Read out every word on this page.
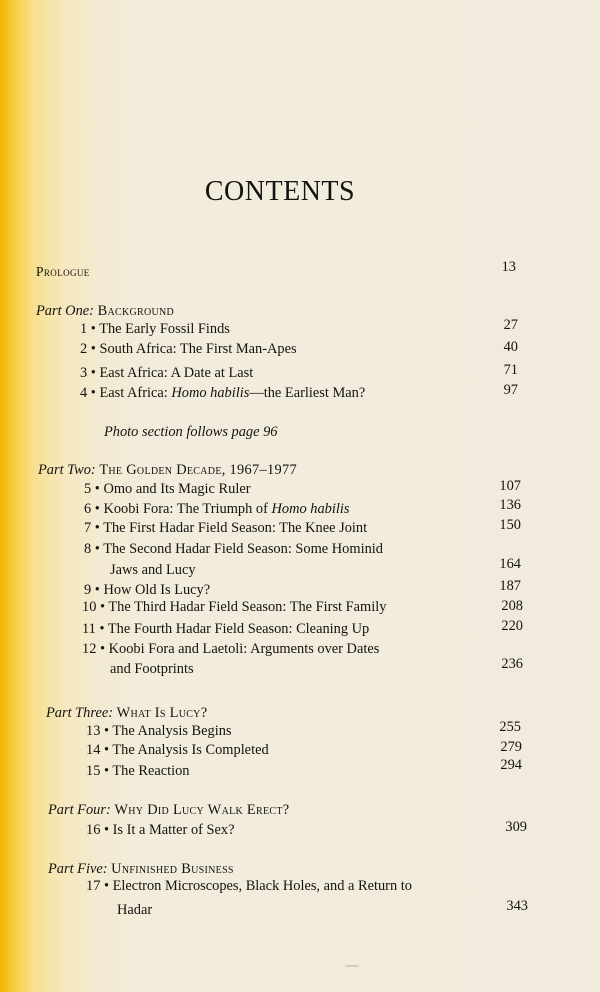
CONTENTS
Prologue	13
Part One: Background
1 • The Early Fossil Finds	27
2 • South Africa: The First Man-Apes	40
3 • East Africa: A Date at Last	71
4 • East Africa: Homo habilis—the Earliest Man?	97
Photo section follows page 96
Part Two: The Golden Decade, 1967–1977
5 • Omo and Its Magic Ruler	107
6 • Koobi Fora: The Triumph of Homo habilis	136
7 • The First Hadar Field Season: The Knee Joint	150
8 • The Second Hadar Field Season: Some Hominid
Jaws and Lucy	164
9 • How Old Is Lucy?	187
10 • The Third Hadar Field Season: The First Family	208
11 • The Fourth Hadar Field Season: Cleaning Up	220
12 • Koobi Fora and Laetoli: Arguments over Dates
and Footprints	236
Part Three: What Is Lucy?
13 • The Analysis Begins	255
14 • The Analysis Is Completed	279
15 • The Reaction	294
Part Four: Why Did Lucy Walk Erect?
16 • Is It a Matter of Sex?	309
Part Five: Unfinished Business
17 • Electron Microscopes, Black Holes, and a Return to
Hadar	343
